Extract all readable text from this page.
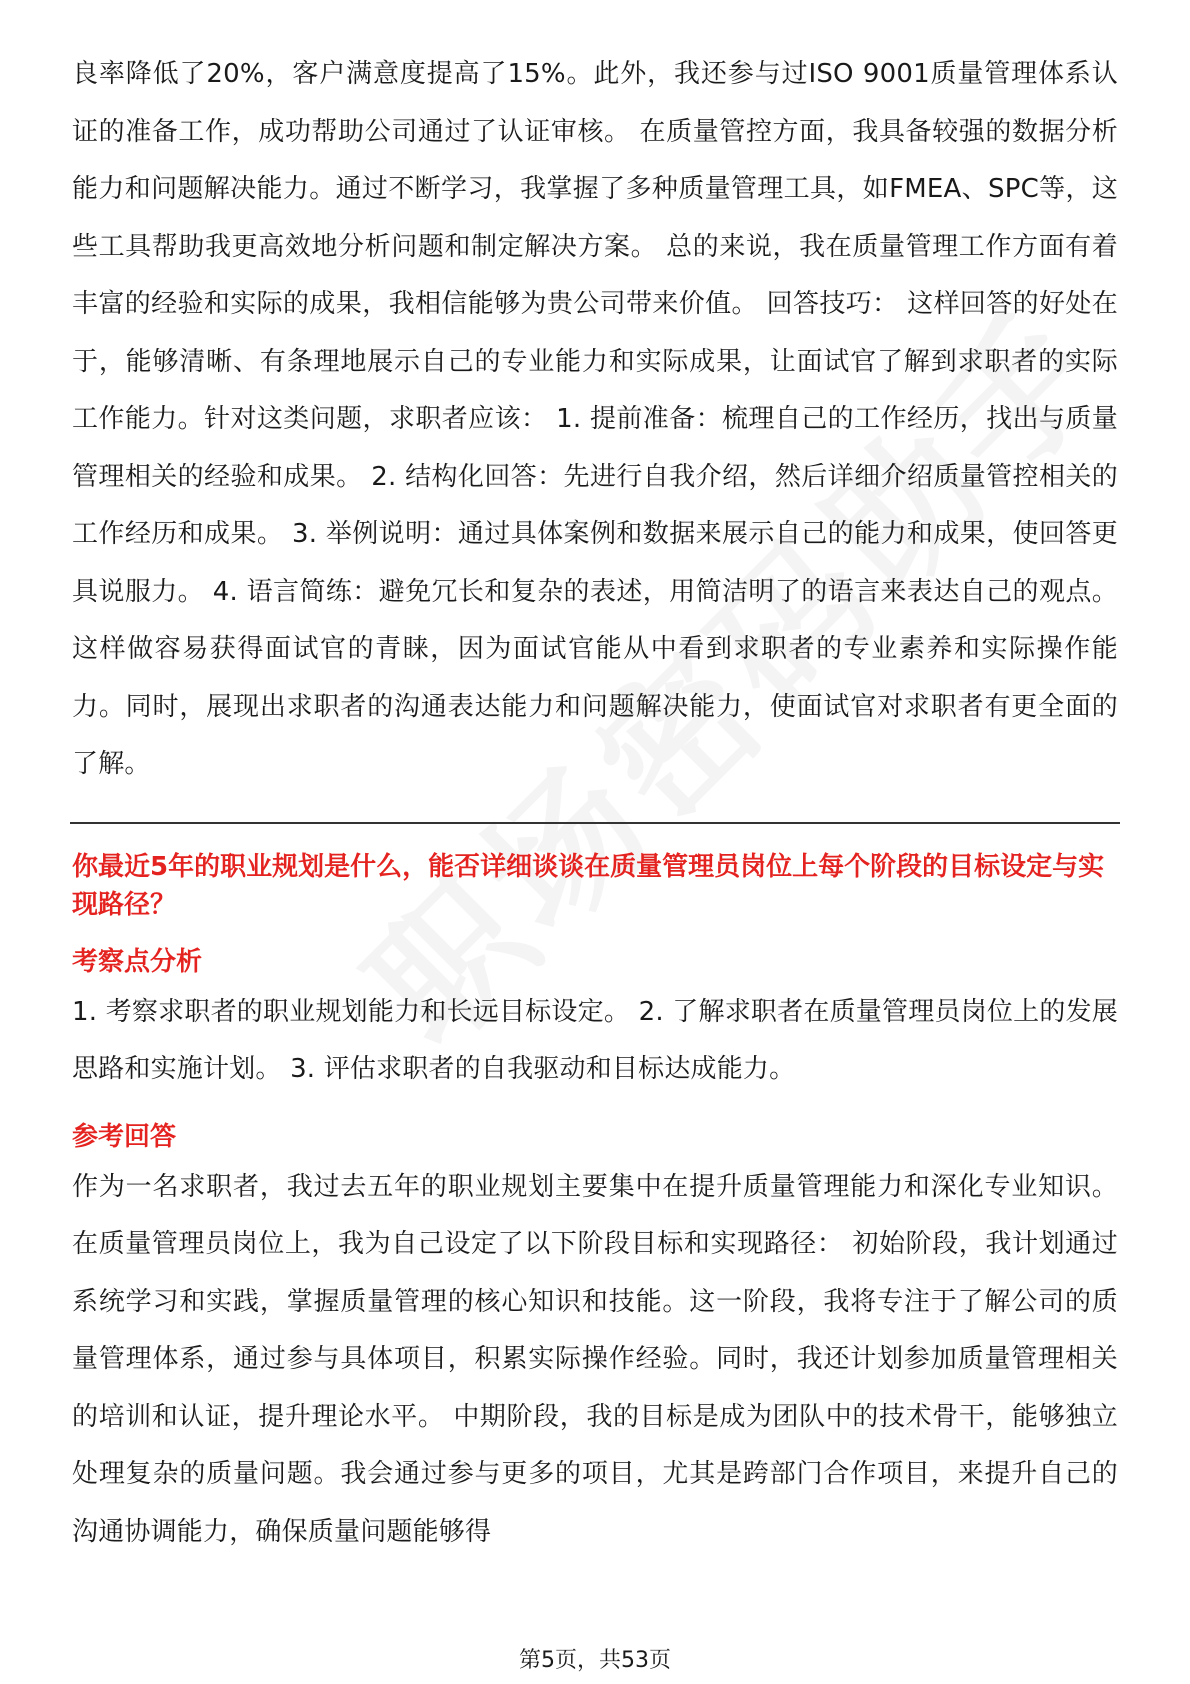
良率降低了20%，客户满意度提高了15%。此外，我还参与过ISO 9001质量管理体系认证的准备工作，成功帮助公司通过了认证审核。 在质量管控方面，我具备较强的数据分析能力和问题解决能力。通过不断学习，我掌握了多种质量管理工具，如FMEA、SPC等，这些工具帮助我更高效地分析问题和制定解决方案。 总的来说，我在质量管理工作方面有着丰富的经验和实际的成果，我相信能够为贵公司带来价值。 回答技巧： 这样回答的好处在于，能够清晰、有条理地展示自己的专业能力和实际成果，让面试官了解到求职者的实际工作能力。针对这类问题，求职者应该： 1. 提前准备：梳理自己的工作经历，找出与质量管理相关的经验和成果。 2. 结构化回答：先进行自我介绍，然后详细介绍质量管控相关的工作经历和成果。 3. 举例说明：通过具体案例和数据来展示自己的能力和成果，使回答更具说服力。 4. 语言简练：避免冗长和复杂的表述，用简洁明了的语言来表达自己的观点。 这样做容易获得面试官的青睐，因为面试官能从中看到求职者的专业素养和实际操作能力。同时，展现出求职者的沟通表达能力和问题解决能力，使面试官对求职者有更全面的了解。

你最近5年的职业规划是什么，能否详细谈谈在质量管理员岗位上每个阶段的目标设定与实现路径？
考察点分析

1. 考察求职者的职业规划能力和长远目标设定。 2. 了解求职者在质量管理员岗位上的发展思路和实施计划。 3. 评估求职者的自我驱动和目标达成能力。

参考回答

作为一名求职者，我过去五年的职业规划主要集中在提升质量管理能力和深化专业知识。在质量管理员岗位上，我为自己设定了以下阶段目标和实现路径： 初始阶段，我计划通过系统学习和实践，掌握质量管理的核心知识和技能。这一阶段，我将专注于了解公司的质量管理体系，通过参与具体项目，积累实际操作经验。同时，我还计划参加质量管理相关的培训和认证，提升理论水平。 中期阶段，我的目标是成为团队中的技术骨干，能够独立处理复杂的质量问题。我会通过参与更多的项目，尤其是跨部门合作项目，来提升自己的沟通协调能力，确保质量问题能够得

第5页，共53页
